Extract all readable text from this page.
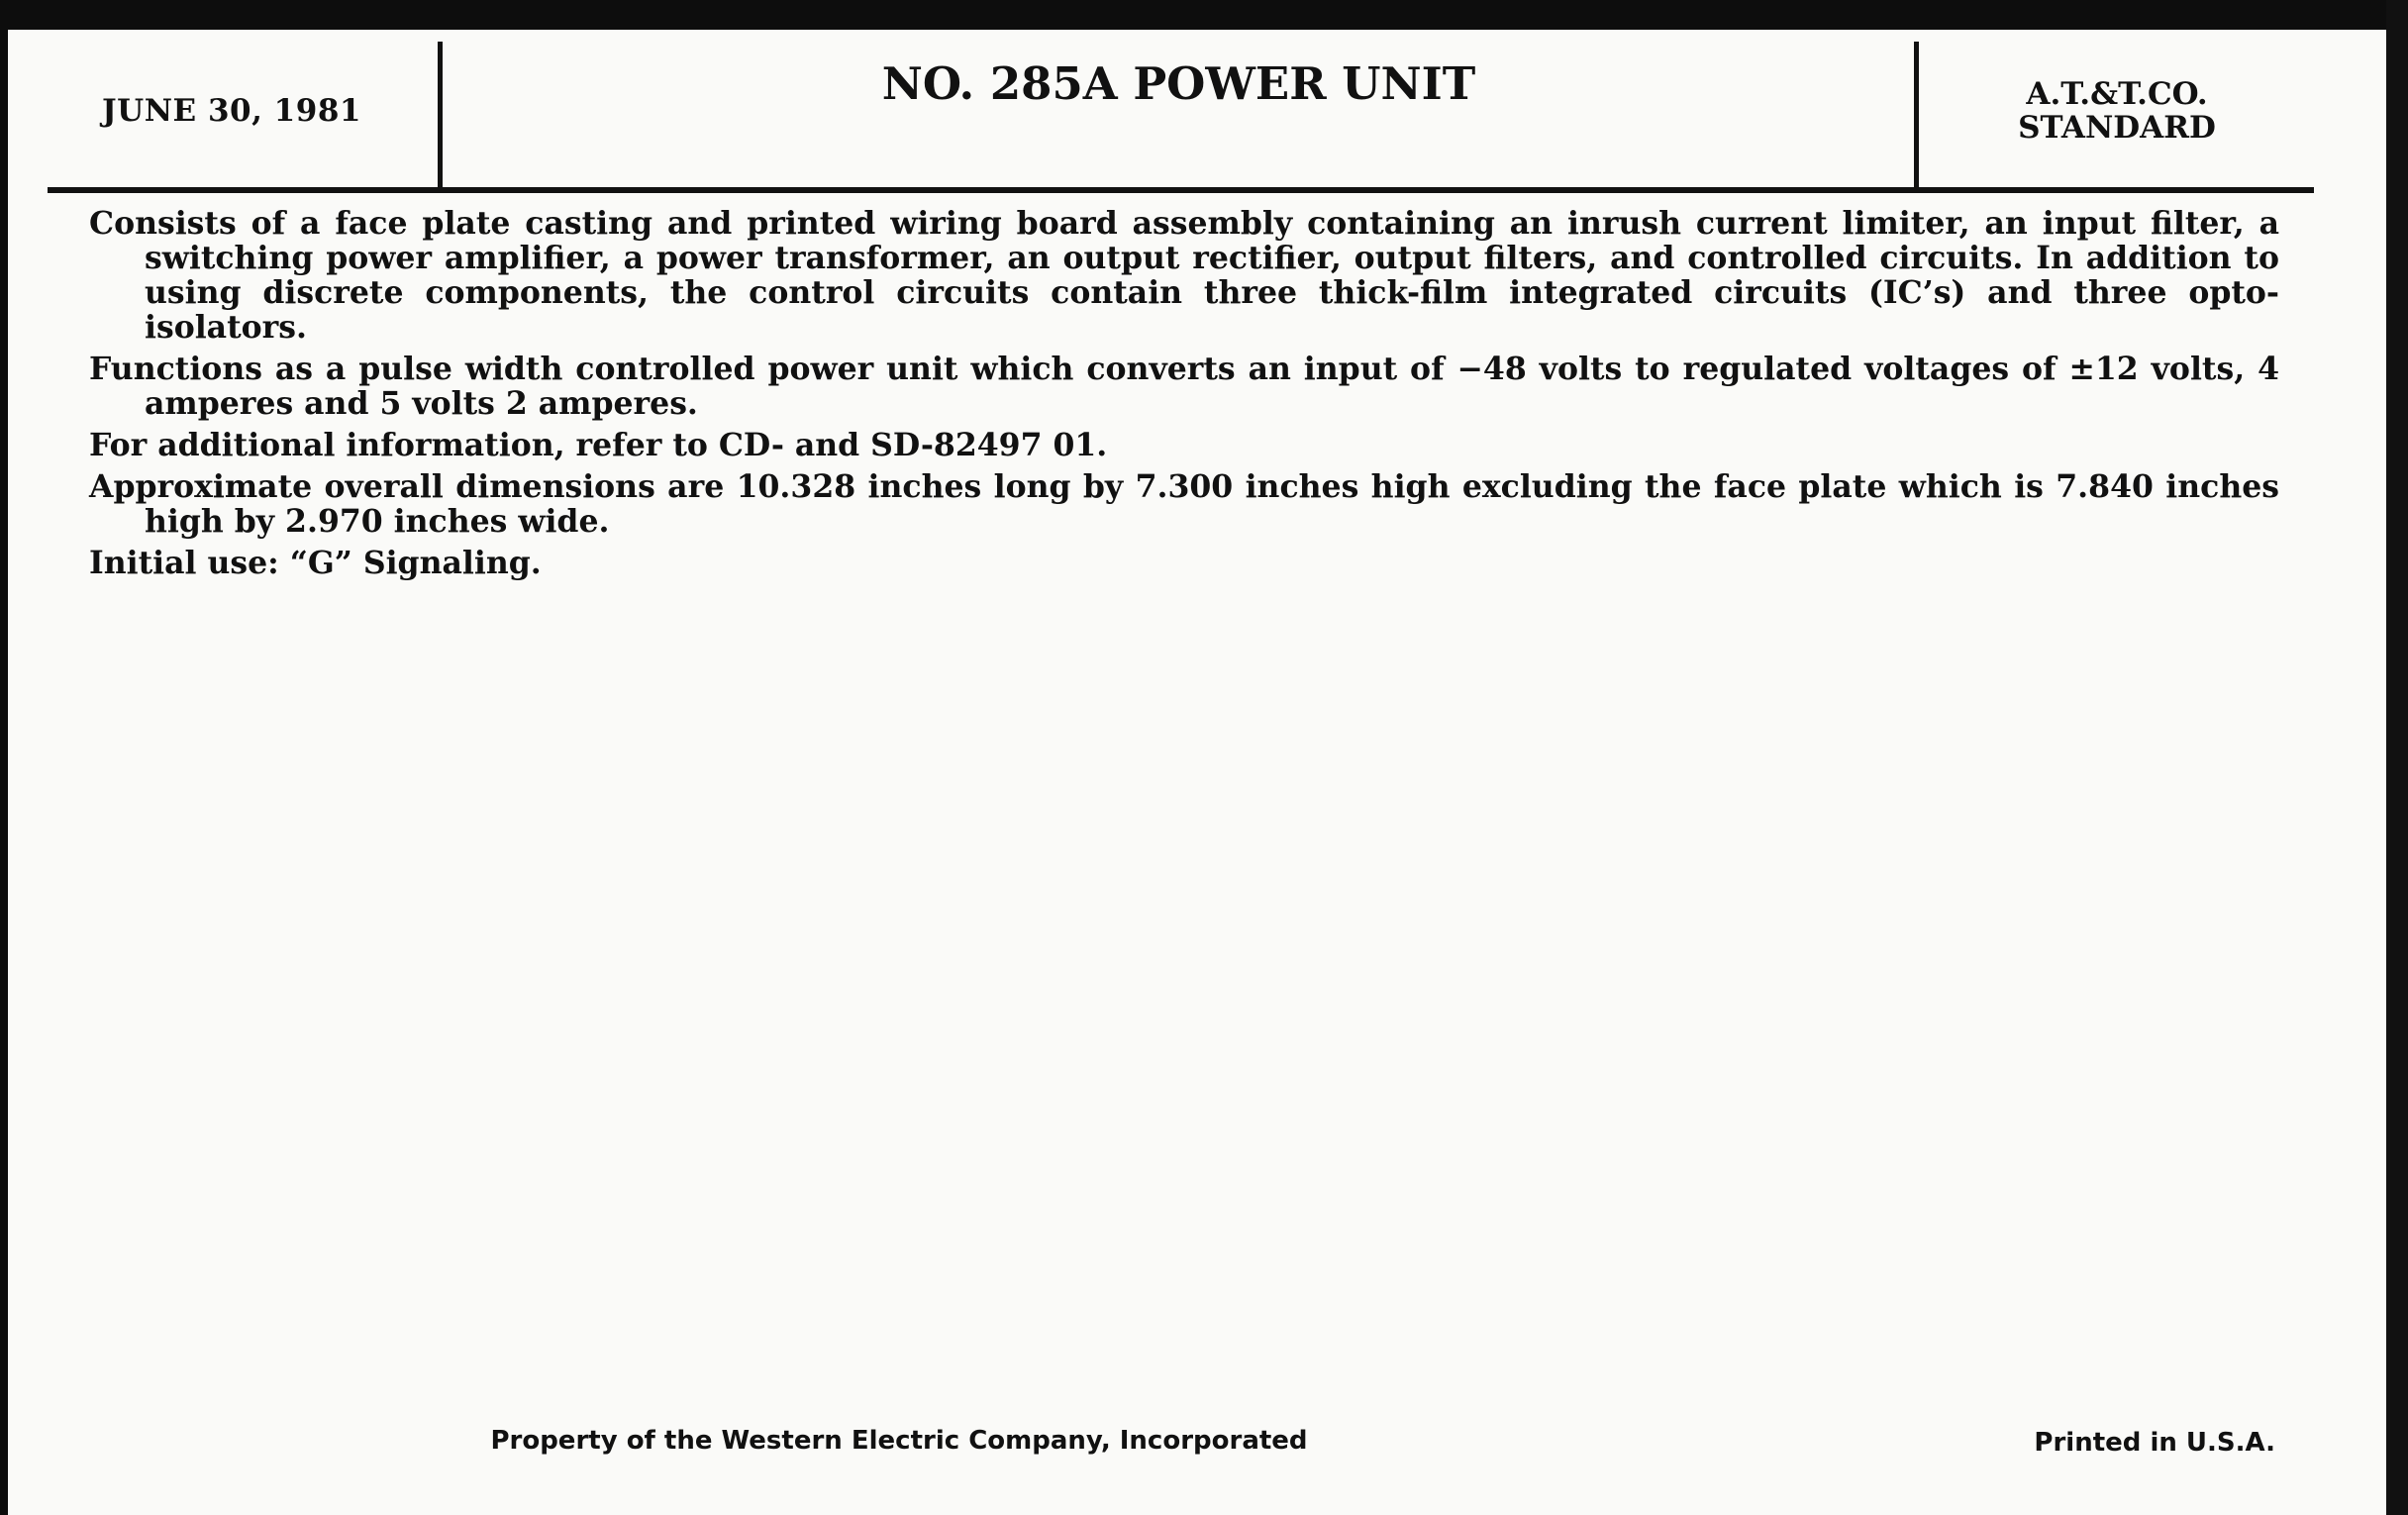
JUNE 30, 1981
NO. 285A POWER UNIT	A.T.&T.CO.
STANDARD

Consists of a face plate casting and printed wiring board assembly containing an inrush current limiter, an input filter, a switching power amplifier, a power transformer, an output rectifier, output filters, and controlled circuits. In addition to using discrete components, the control circuits contain three thick-film integrated circuits (IC’s) and three opto-isolators.

Functions as a pulse width controlled power unit which converts an input of −48 volts to regulated voltages of ±12 volts, 4 amperes and 5 volts 2 amperes.

For additional information, refer to CD- and SD-82497 01.

Approximate overall dimensions are 10.328 inches long by 7.300 inches high excluding the face plate which is 7.840 inches high by 2.970 inches wide.

Initial use: “G” Signaling.

Property of the Western Electric Company, Incorporated	Printed in U.S.A.
